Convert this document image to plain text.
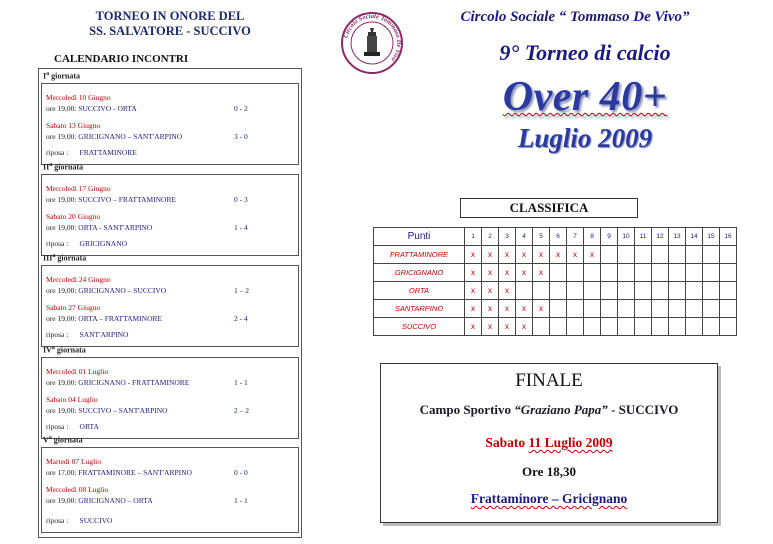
TORNEO IN ONORE DEL
SS. SALVATORE - SUCCIVO
CALENDARIO INCONTRI
$I^a$ giornata
Mercoledì 10 Giugno
ore 19,00: SUCCIVO - ORTA	0 - 2
Sabato 13 Giugno
ore 19,00: GRICIGNANO – SANT'ARPINO	3 - 0
riposa : FRATTAMINORE
$II^a$ giornata
Mercoledì 17 Giugno
ore 19,00: SUCCIVO – FRATTAMINORE	0 - 3
Sabato 20 Giugno
ore 19,00: ORTA - SANT'ARPINO	1 - 4
riposa : GRICIGNANO
III$^a$ giornata
Mercoledì 24 Giugno
ore 19,00: GRICIGNANO – SUCCIVO	1 – 2
Sabato 27 Giugno
ore 19,00: ORTA – FRATTAMINORE	2 - 4
riposa : SANT'ARPINO
$IV^a$ giornata
Mercoledì 01 Luglio
ore 19,00: GRICIGNANO - FRATTAMINORE	1 - 1
Sabato 04 Luglio
ore 19,00: SUCCIVO – SANT'ARPINO	2 – 2
riposa : ORTA
$V^a$ giornata
Martedì 07 Luglio
ore 17,00: FRATTAMINORE – SANT'ARPINO	0 - 0
Mercoledì 08 Luglio
ore 19,00: GRICIGNANO – ORTA	1 - 1
riposa : SUCCIVO
Circolo Sociale Tommaso De Vivo
Circolo Sociale “ Tommaso De Vivo”
9° Torneo di calcio
Over 40+
Luglio 2009
CLASSIFICA
Punti	1	2	3	4	5	6	7	8	9	10	11	12	13	14	15	16
FRATTAMINORE	x	x	x	x	x	x	x	x								
GRICIGNANO	x	x	x	x	x											
ORTA	x	x	x													
SANTARPINO	x	x	x	x	x											
SUCCIVO	x	x	x	x												
FINALE
Campo Sportivo “Graziano Papa” - SUCCIVO
Sabato 11 Luglio 2009
Ore 18,30
Frattaminore – Gricignano
